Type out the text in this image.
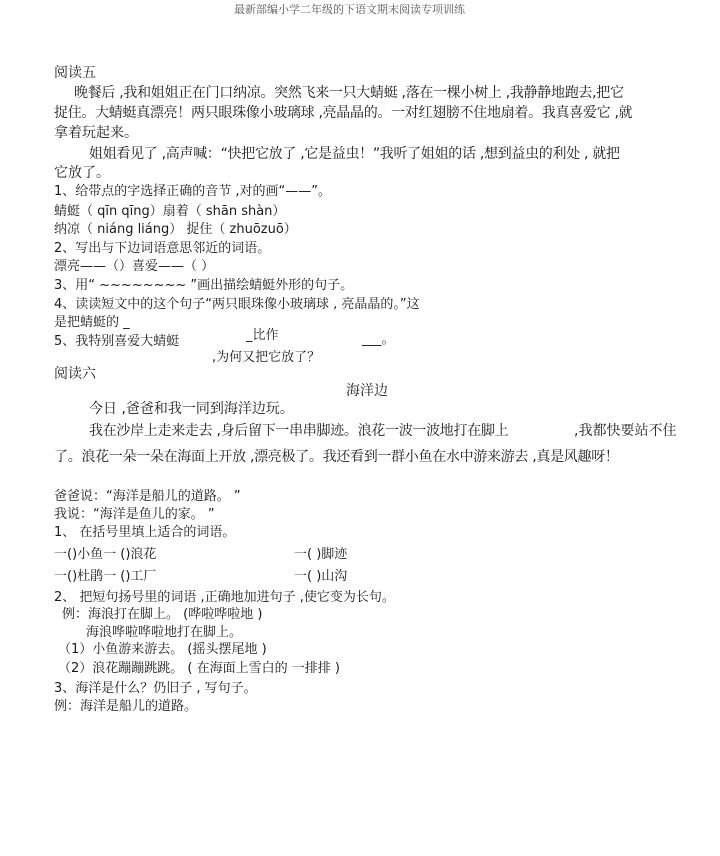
最新部编小学二年级的下语文期末阅读专项训练
阅读五
晚餐后 ,我和姐姐正在门口纳凉。突然飞来一只大蜻蜓 ,落在一棵小树上 ,我静静地跑去,把它
捉住。大蜻蜓真漂亮！两只眼珠像小玻璃球 ,亮晶晶的。一对红翅膀不住地扇着。我真喜爱它 ,就
拿着玩起来。
姐姐看见了 ,高声喊：“快把它放了 ,它是益虫！”我听了姐姐的话 ,想到益虫的利处 , 就把
它放了。
1、给带点的字选择正确的音节 ,对的画“——”。
蜻蜓（ qīn qīng）扇着（ shān shàn）
纳凉（ niáng liáng） 捉住（ zhuōzuō）
2、写出与下边词语意思邻近的词语。
漂亮——（）喜爱——（ ）
3、用“ ~~~~~~~~ ”画出描绘蜻蜓外形的句子。
4、读读短文中的这个句子“两只眼珠像小玻璃球 , 亮晶晶的。”这
是把蜻蜓的 _
_比作
5、我特别喜爱大蜻蜓	___。
,为何又把它放了？
阅读六
海洋边
今日 ,爸爸和我一同到海洋边玩。
我在沙岸上走来走去 ,身后留下一串串脚迹。浪花一波一波地打在脚上	,我都快要站不住
了。浪花一朵一朵在海面上开放 ,漂亮极了。我还看到一群小鱼在水中游来游去 ,真是风趣呀！
爸爸说：“海洋是船儿的道路。 ”
我说：“海洋是鱼儿的家。 ”
1、 在括号里填上适合的词语。
一()小鱼一 ()浪花	一( )脚迹
一()杜鹃一 ()工厂	一( )山沟
2、 把短句扬号里的词语 ,正确地加进句子 ,使它变为长句。
例：海浪打在脚上。 (哗啦哗啦地 )
海浪哗啦哗啦地打在脚上。
（1）小鱼游来游去。 (摇头摆尾地 )
（2）浪花蹦蹦跳跳。 ( 在海面上雪白的 一排排 )
3、海洋是什么？仍旧子 , 写句子。
例：海洋是船儿的道路。
